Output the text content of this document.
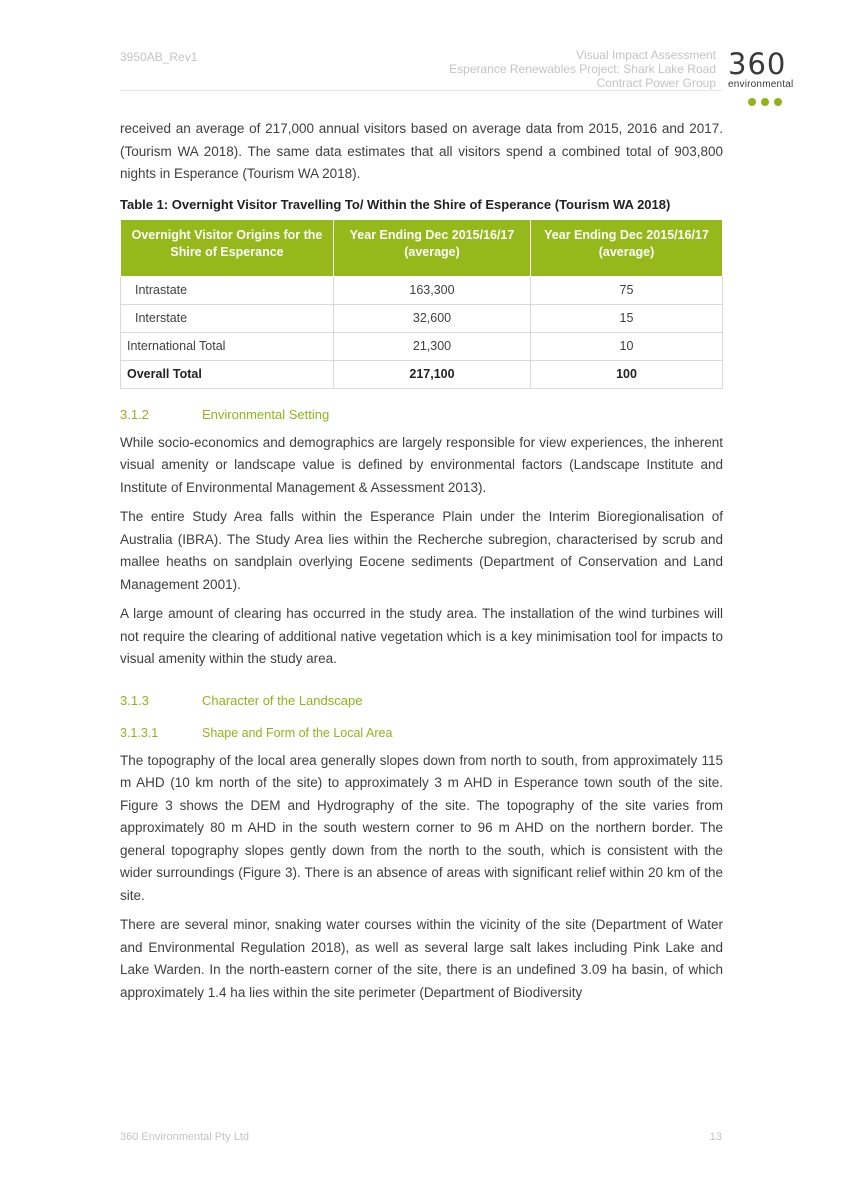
3950AB_Rev1	Visual Impact Assessment
Esperance Renewables Project: Shark Lake Road
Contract Power Group
360
environmental

received an average of 217,000 annual visitors based on average data from 2015, 2016 and 2017. (Tourism WA 2018). The same data estimates that all visitors spend a combined total of 903,800 nights in Esperance (Tourism WA 2018).

Table 1: Overnight Visitor Travelling To/ Within the Shire of Esperance (Tourism WA 2018)
Overnight Visitor Origins for the Shire of Esperance	Year Ending Dec 2015/16/17 (average)	Year Ending Dec 2015/16/17 (average)
Intrastate	163,300	75
Interstate	32,600	15
International Total	21,300	10
Overall Total	217,100	100
3.1.2	Environmental Setting

While socio-economics and demographics are largely responsible for view experiences, the inherent visual amenity or landscape value is defined by environmental factors (Landscape Institute and Institute of Environmental Management & Assessment 2013).

The entire Study Area falls within the Esperance Plain under the Interim Bioregionalisation of Australia (IBRA). The Study Area lies within the Recherche subregion, characterised by scrub and mallee heaths on sandplain overlying Eocene sediments (Department of Conservation and Land Management 2001).

A large amount of clearing has occurred in the study area. The installation of the wind turbines will not require the clearing of additional native vegetation which is a key minimisation tool for impacts to visual amenity within the study area.

3.1.3	Character of the Landscape
3.1.3.1	Shape and Form of the Local Area

The topography of the local area generally slopes down from north to south, from approximately 115 m AHD (10 km north of the site) to approximately 3 m AHD in Esperance town south of the site. Figure 3 shows the DEM and Hydrography of the site. The topography of the site varies from approximately 80 m AHD in the south western corner to 96 m AHD on the northern border. The general topography slopes gently down from the north to the south, which is consistent with the wider surroundings (Figure 3). There is an absence of areas with significant relief within 20 km of the site.

There are several minor, snaking water courses within the vicinity of the site (Department of Water and Environmental Regulation 2018), as well as several large salt lakes including Pink Lake and Lake Warden. In the north-eastern corner of the site, there is an undefined 3.09 ha basin, of which approximately 1.4 ha lies within the site perimeter (Department of Biodiversity

360 Environmental Pty Ltd	13
